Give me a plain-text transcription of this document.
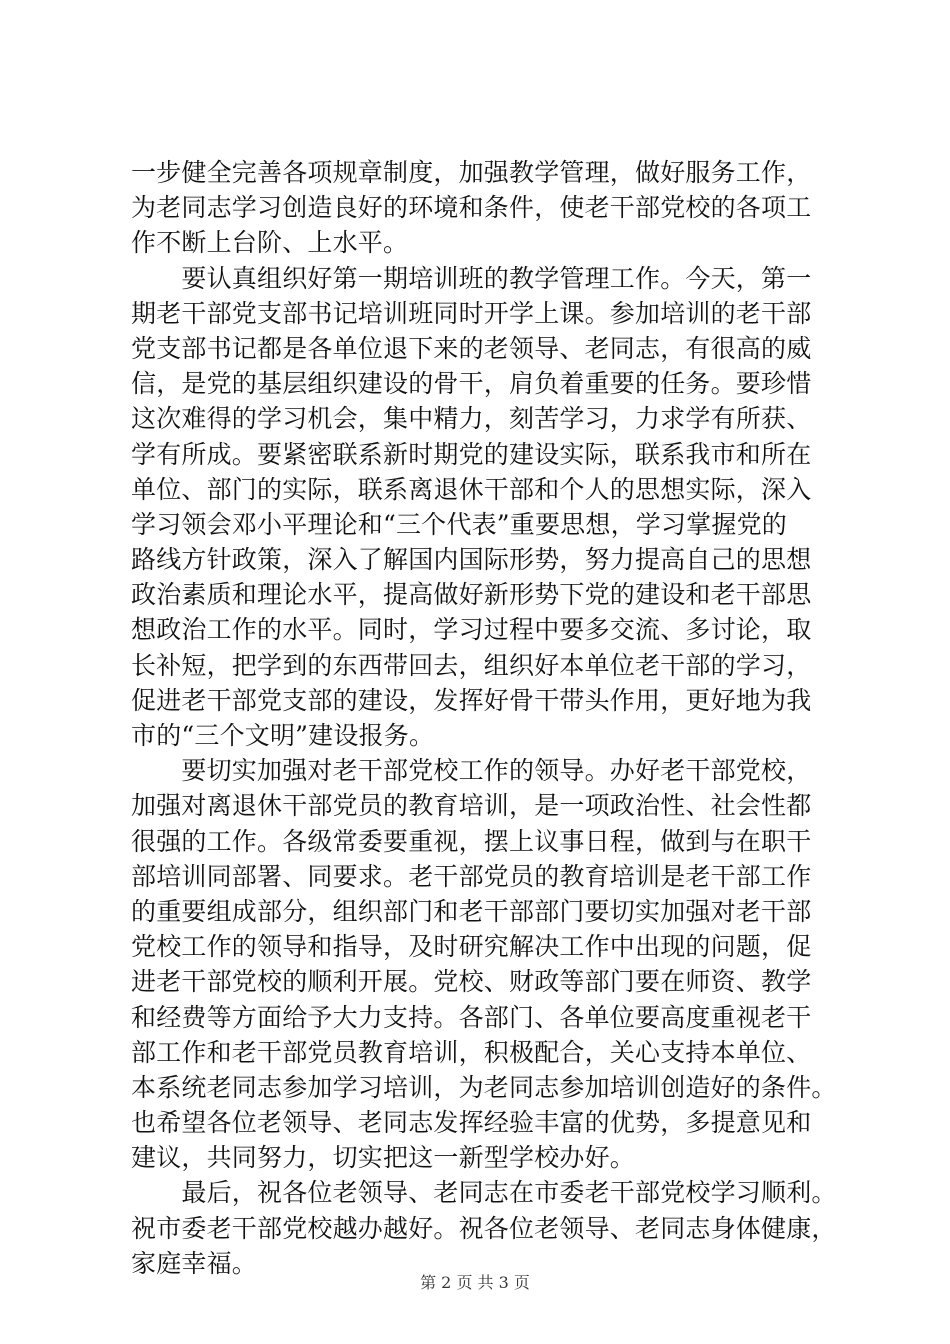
一步健全完善各项规章制度，加强教学管理，做好服务工作，
为老同志学习创造良好的环境和条件，使老干部党校的各项工
作不断上台阶、上水平。
　　要认真组织好第一期培训班的教学管理工作。今天，第一
期老干部党支部书记培训班同时开学上课。参加培训的老干部
党支部书记都是各单位退下来的老领导、老同志，有很高的威
信，是党的基层组织建设的骨干，肩负着重要的任务。要珍惜
这次难得的学习机会，集中精力，刻苦学习，力求学有所获、
学有所成。要紧密联系新时期党的建设实际，联系我市和所在
单位、部门的实际，联系离退休干部和个人的思想实际，深入
学习领会邓小平理论和“三个代表”重要思想，学习掌握党的
路线方针政策，深入了解国内国际形势，努力提高自己的思想
政治素质和理论水平，提高做好新形势下党的建设和老干部思
想政治工作的水平。同时，学习过程中要多交流、多讨论，取
长补短，把学到的东西带回去，组织好本单位老干部的学习，
促进老干部党支部的建设，发挥好骨干带头作用，更好地为我
市的“三个文明”建设报务。
　　要切实加强对老干部党校工作的领导。办好老干部党校，
加强对离退休干部党员的教育培训，是一项政治性、社会性都
很强的工作。各级常委要重视，摆上议事日程，做到与在职干
部培训同部署、同要求。老干部党员的教育培训是老干部工作
的重要组成部分，组织部门和老干部部门要切实加强对老干部
党校工作的领导和指导，及时研究解决工作中出现的问题，促
进老干部党校的顺利开展。党校、财政等部门要在师资、教学
和经费等方面给予大力支持。各部门、各单位要高度重视老干
部工作和老干部党员教育培训，积极配合，关心支持本单位、
本系统老同志参加学习培训，为老同志参加培训创造好的条件。
也希望各位老领导、老同志发挥经验丰富的优势，多提意见和
建议，共同努力，切实把这一新型学校办好。
　　最后，祝各位老领导、老同志在市委老干部党校学习顺利。
祝市委老干部党校越办越好。祝各位老领导、老同志身体健康，
家庭幸福。
第 2 页 共 3 页
